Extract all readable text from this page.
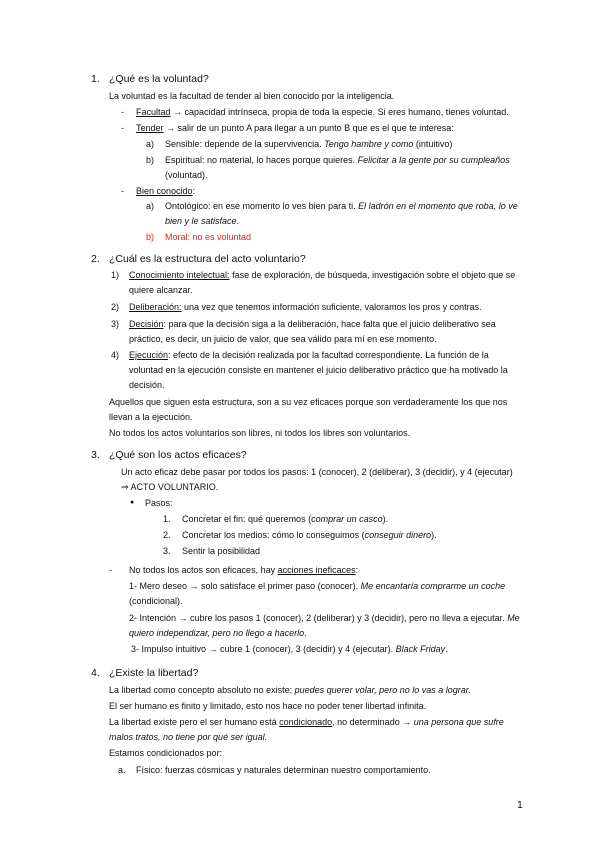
1. ¿Qué es la voluntad?
La voluntad es la facultad de tender al bien conocido por la inteligencia.
- Facultad → capacidad intrínseca, propia de toda la especie. Si eres humano, tienes voluntad.
- Tender → salir de un punto A para llegar a un punto B que es el que te interesa:
a) Sensible: depende de la supervivencia. Tengo hambre y como (intuitivo)
b) Espiritual: no material, lo haces porque quieres. Felicitar a la gente por su cumpleaños
(voluntad).
- Bien conocido:
a) Ontológico: en ese momento lo ves bien para ti. El ladrón en el momento que roba, lo ve
bien y le satisface.
b) Moral: no es voluntad
2. ¿Cuál es la estructura del acto voluntario?
1) Conocimiento intelectual: fase de exploración, de búsqueda, investigación sobre el objeto que se
quiere alcanzar.
2) Deliberación: una vez que tenemos información suficiente, valoramos los pros y contras.
3) Decisión: para que la decisión siga a la deliberación, hace falta que el juicio deliberativo sea
práctico, es decir, un juicio de valor, que sea válido para mí en ese momento.
4) Ejecución: efecto de la decisión realizada por la facultad correspondiente. La función de la
voluntad en la ejecución consiste en mantener el juicio deliberativo práctico que ha motivado la
decisión.
Aquellos que siguen esta estructura, son a su vez eficaces porque son verdaderamente los que nos
llevan a la ejecución.
No todos los actos voluntarios son libres, ni todos los libres son voluntarios.
3. ¿Qué son los actos eficaces?
Un acto eficaz debe pasar por todos los pasos: 1 (conocer), 2 (deliberar), 3 (decidir), y 4 (ejecutar)
⇒ ACTO VOLUNTARIO.
● Pasos:
1. Concretar el fin: qué queremos (comprar un casco).
2. Concretar los medios: cómo lo conseguimos (conseguir dinero).
3. Sentir la posibilidad
- No todos los actos son eficaces, hay acciones ineficaces:
1- Mero deseo → solo satisface el primer paso (conocer). Me encantaría comprarme un coche
(condicional).
2- Intención → cubre los pasos 1 (conocer), 2 (deliberar) y 3 (decidir), pero no lleva a ejecutar. Me
quiero independizar, pero no llego a hacerlo.
3- Impulso intuitivo → cubre 1 (conocer), 3 (decidir) y 4 (ejecutar). Black Friday.
4. ¿Existe la libertad?
La libertad como concepto absoluto no existe; puedes querer volar, pero no lo vas a lograr.
El ser humano es finito y limitado, esto nos hace no poder tener libertad infinita.
La libertad existe pero el ser humano está condicionado, no determinado → una persona que sufre
malos tratos, no tiene por qué ser igual.
Estamos condicionados por:
a. Físico: fuerzas cósmicas y naturales determinan nuestro comportamiento.
1
